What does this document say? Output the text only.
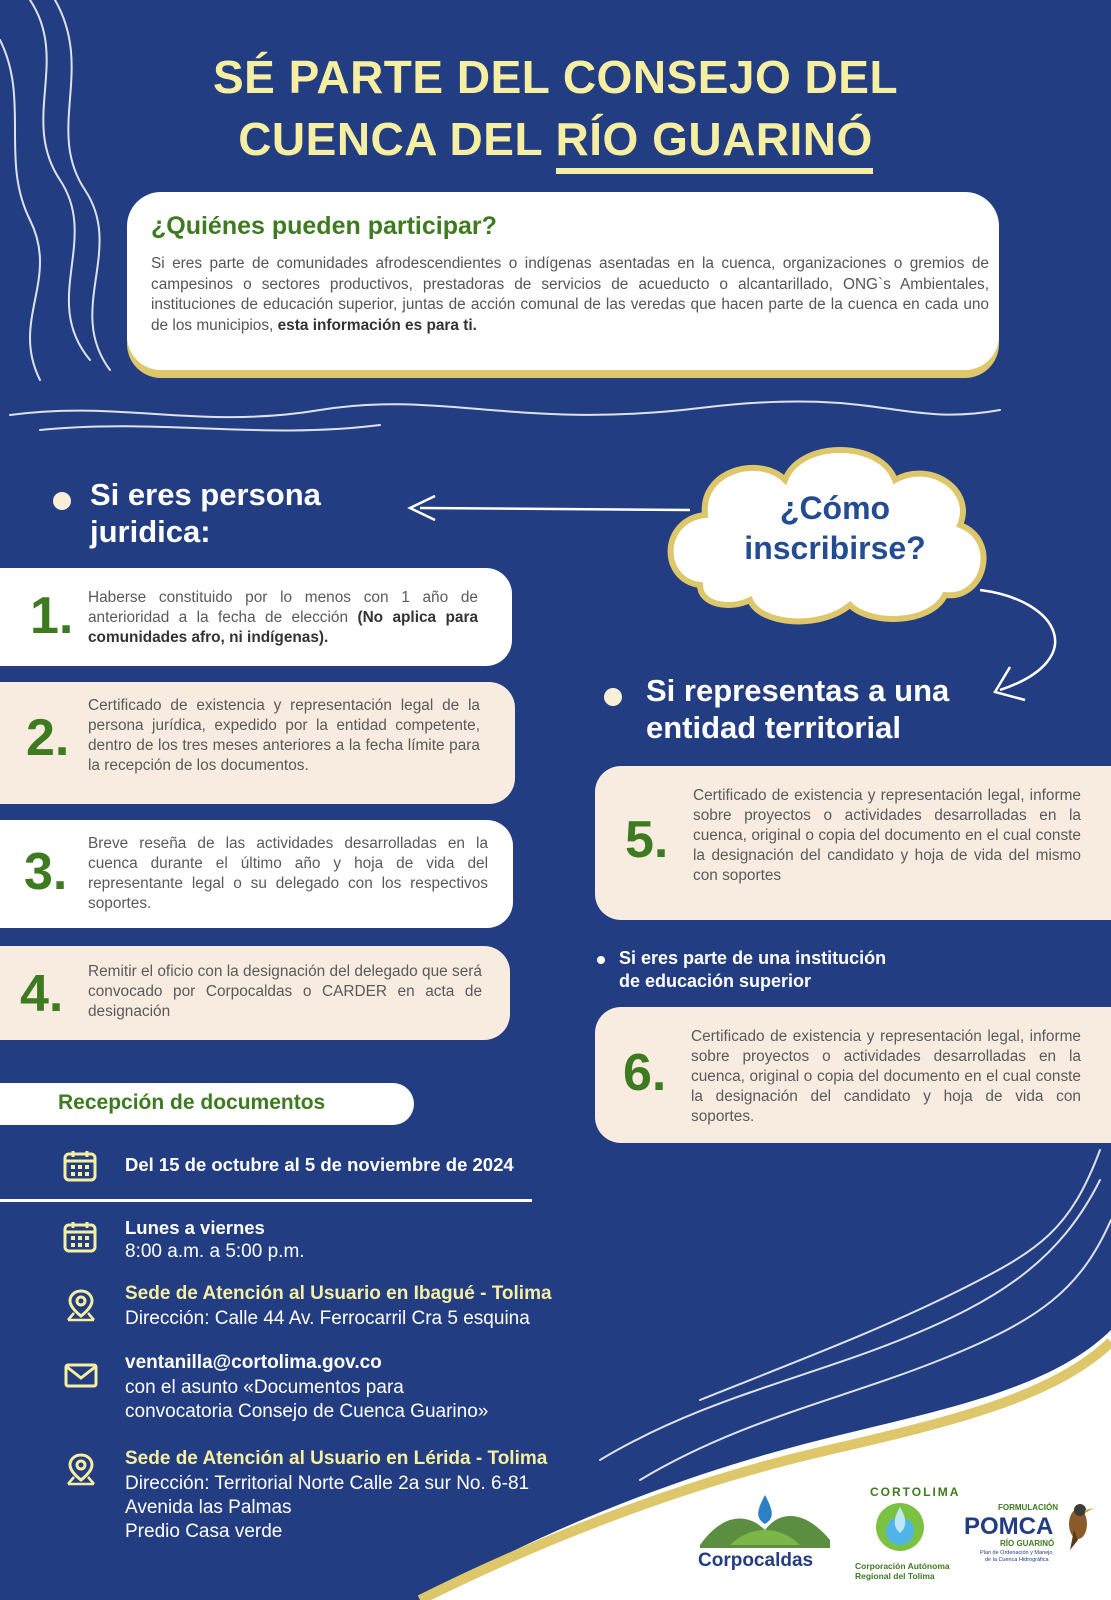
SÉ PARTE DEL CONSEJO DEL
CUENCA DEL RÍO GUARINÓ
¿Quiénes pueden participar?
Si eres parte de comunidades afrodescendientes o indígenas asentadas en la cuenca, organizaciones o gremios de campesinos o sectores productivos, prestadoras de servicios de acueducto o alcantarillado, ONG`s Ambientales, instituciones de educación superior, juntas de acción comunal de las veredas que hacen parte de la cuenca en cada uno de los municipios, esta información es para ti.
¿Cómo inscribirse?
Si eres persona
juridica:
1. Haberse constituido por lo menos con 1 año de anterioridad a la fecha de elección (No aplica para comunidades afro, ni indígenas).
2.
Certificado de existencia y representación legal de la persona jurídica, expedido por la entidad competente, dentro de los tres meses anteriores a la fecha límite para la recepción de los documentos.
3. Breve reseña de las actividades desarrolladas en la cuenca durante el último año y hoja de vida del representante legal o su delegado con los respectivos soportes.
4. Remitir el oficio con la designación del delegado que será convocado por Corpocaldas o CARDER en acta de designación
Si representas a una
entidad territorial
5.
Certificado de existencia y representación legal, informe sobre proyectos o actividades desarrolladas en la cuenca, original o copia del documento en el cual conste la designación del candidato y hoja de vida del mismo con soportes
Si eres parte de una institución
de educación superior
6.
Certificado de existencia y representación legal, informe sobre proyectos o actividades desarrolladas en la cuenca, original o copia del documento en el cual conste la designación del candidato y hoja de vida con soportes.
Recepción de documentos
Del 15 de octubre al 5 de noviembre de 2024
Lunes a viernes
8:00 a.m. a 5:00 p.m.
Sede de Atención al Usuario en Ibagué - Tolima
Dirección: Calle 44 Av. Ferrocarril Cra 5 esquina
ventanilla@cortolima.gov.co
con el asunto «Documentos para
convocatoria Consejo de Cuenca Guarino»
Sede de Atención al Usuario en Lérida - Tolima
Dirección: Territorial Norte Calle 2a sur No. 6-81
Avenida las Palmas
Predio Casa verde
Corpocaldas
CORTOLIMA
Corporación Autónoma
Regional del Tolima
FORMULACIÓN
POMCA
RÍO GUARINÓ
Plan de Ordenación y Manejo
de la Cuenca Hidrográfica
